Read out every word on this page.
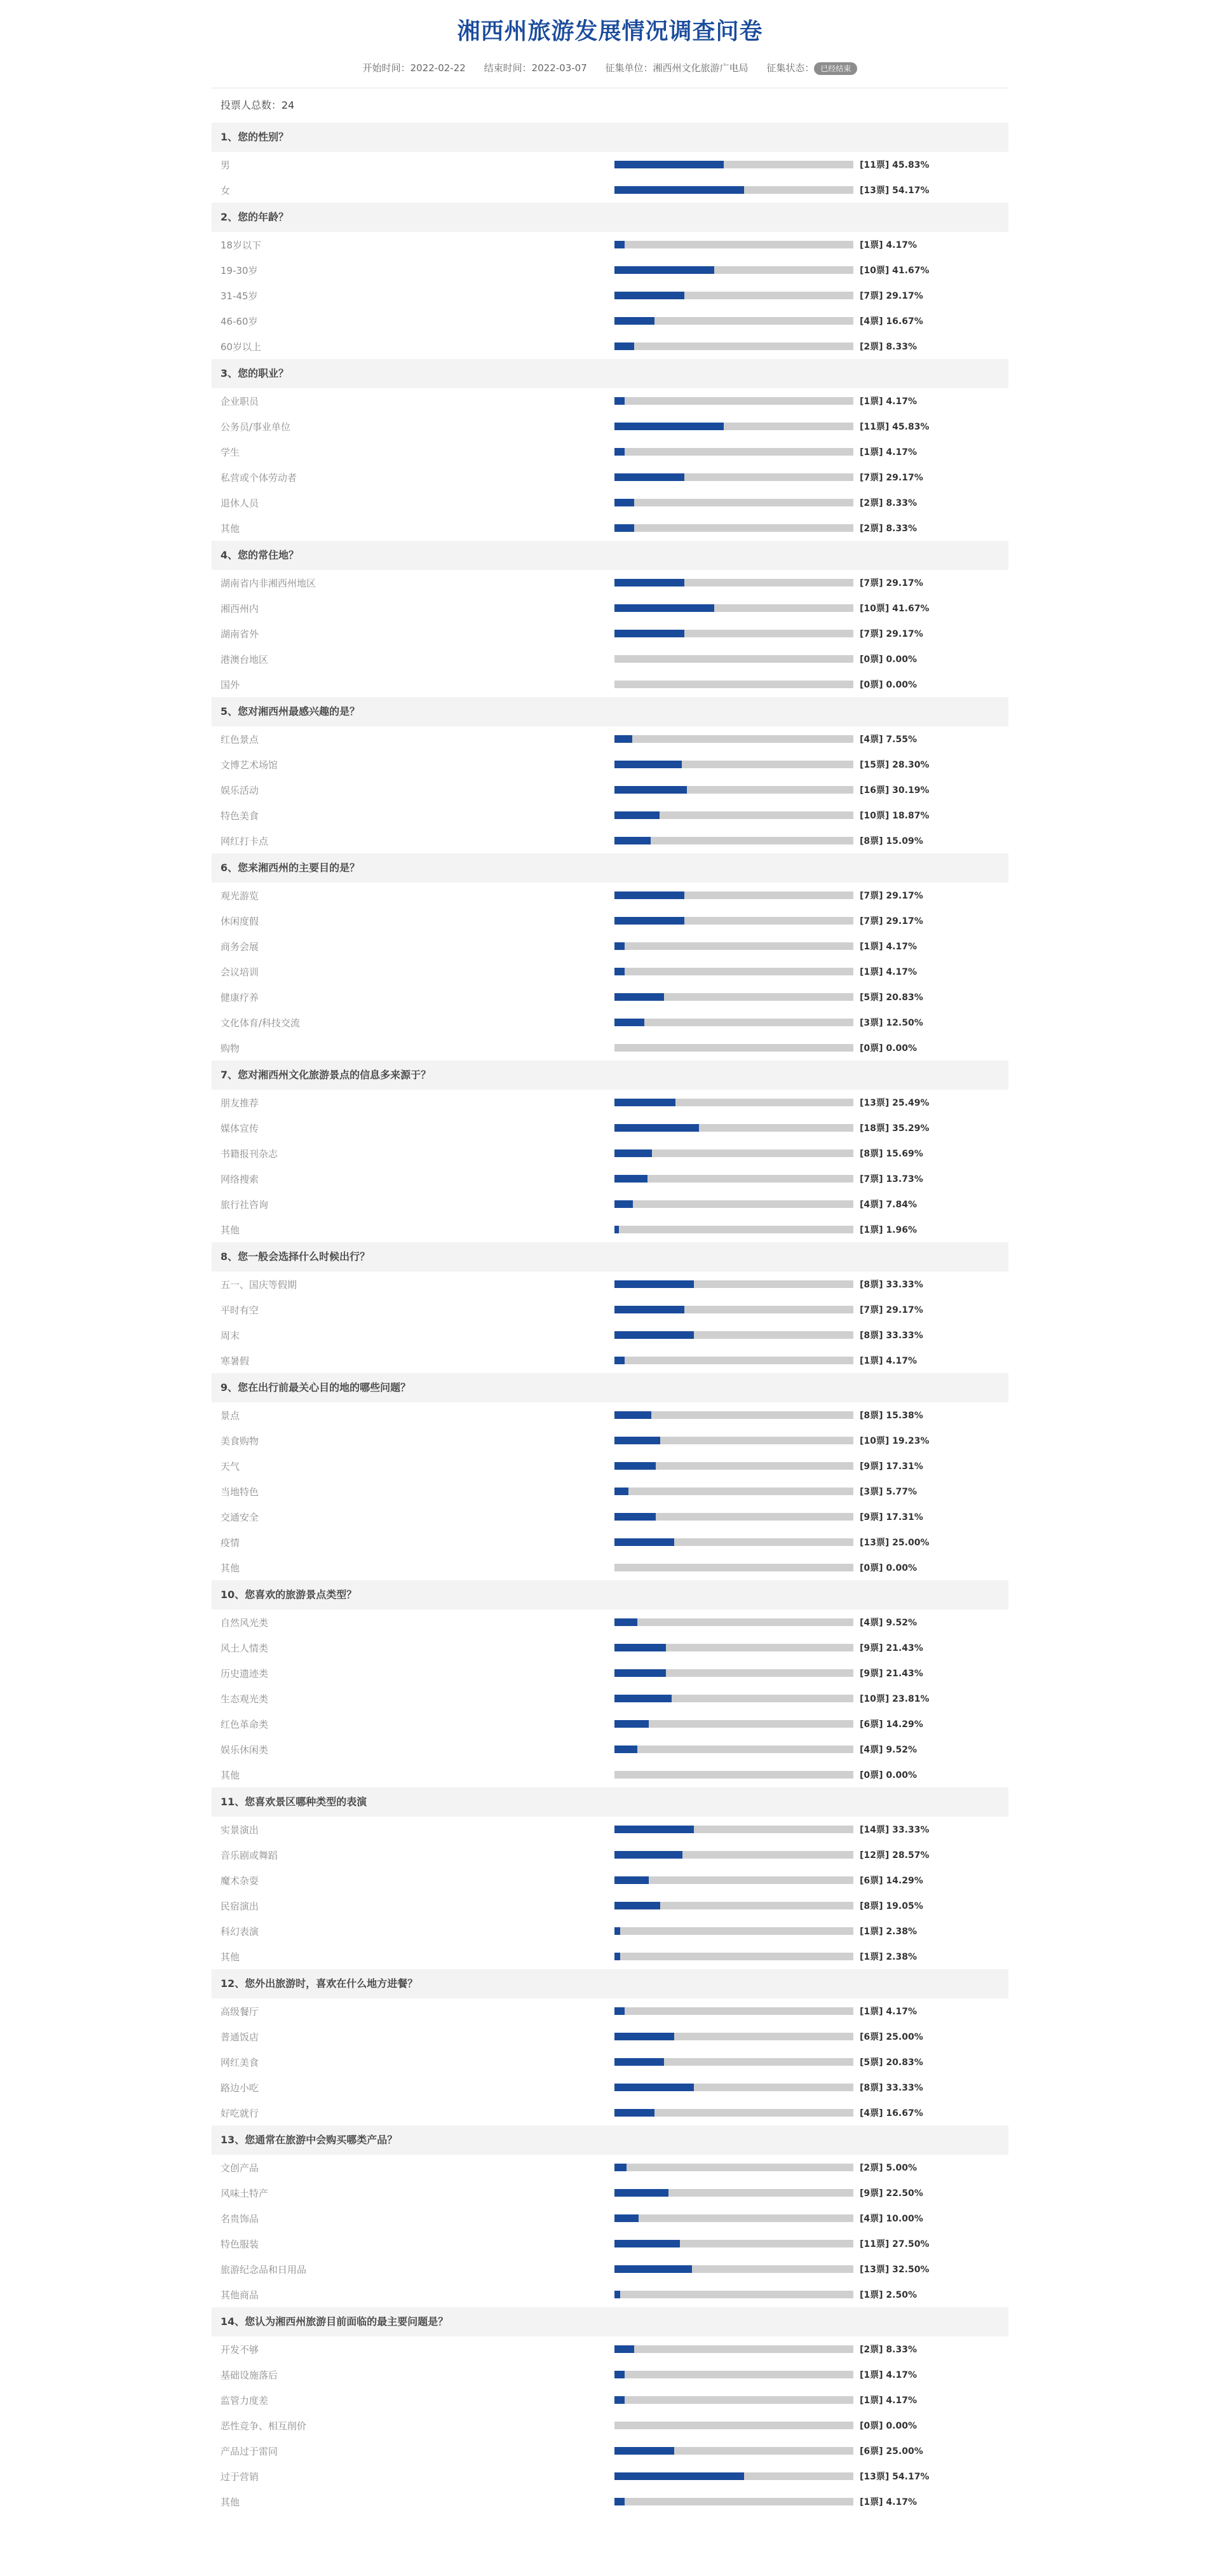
湘西州旅游发展情况调查问卷
开始时间：2022-02-22 结束时间：2022-03-07 征集单位：湘西州文化旅游广电局 征集状态： 已经结束
投票人总数：24
1、您的性别？
男	[11票] 45.83%
女	[13票] 54.17%
2、您的年龄？
18岁以下	[1票] 4.17%
19-30岁	[10票] 41.67%
31-45岁	[7票] 29.17%
46-60岁	[4票] 16.67%
60岁以上	[2票] 8.33%
3、您的职业？
企业职员	[1票] 4.17%
公务员/事业单位	[11票] 45.83%
学生	[1票] 4.17%
私营或个体劳动者	[7票] 29.17%
退休人员	[2票] 8.33%
其他	[2票] 8.33%
4、您的常住地？
湖南省内非湘西州地区	[7票] 29.17%
湘西州内	[10票] 41.67%
湖南省外	[7票] 29.17%
港澳台地区	[0票] 0.00%
国外	[0票] 0.00%
5、您对湘西州最感兴趣的是？
红色景点	[4票] 7.55%
文博艺术场馆	[15票] 28.30%
娱乐活动	[16票] 30.19%
特色美食	[10票] 18.87%
网红打卡点	[8票] 15.09%
6、您来湘西州的主要目的是？
观光游览	[7票] 29.17%
休闲度假	[7票] 29.17%
商务会展	[1票] 4.17%
会议培训	[1票] 4.17%
健康疗养	[5票] 20.83%
文化体育/科技交流	[3票] 12.50%
购物	[0票] 0.00%
7、您对湘西州文化旅游景点的信息多来源于？
朋友推荐	[13票] 25.49%
媒体宣传	[18票] 35.29%
书籍报刊杂志	[8票] 15.69%
网络搜索	[7票] 13.73%
旅行社咨询	[4票] 7.84%
其他	[1票] 1.96%
8、您一般会选择什么时候出行？
五一、国庆等假期	[8票] 33.33%
平时有空	[7票] 29.17%
周末	[8票] 33.33%
寒暑假	[1票] 4.17%
9、您在出行前最关心目的地的哪些问题？
景点	[8票] 15.38%
美食购物	[10票] 19.23%
天气	[9票] 17.31%
当地特色	[3票] 5.77%
交通安全	[9票] 17.31%
疫情	[13票] 25.00%
其他	[0票] 0.00%
10、您喜欢的旅游景点类型？
自然风光类	[4票] 9.52%
风土人情类	[9票] 21.43%
历史遗迹类	[9票] 21.43%
生态观光类	[10票] 23.81%
红色革命类	[6票] 14.29%
娱乐休闲类	[4票] 9.52%
其他	[0票] 0.00%
11、您喜欢景区哪种类型的表演
实景演出	[14票] 33.33%
音乐剧或舞蹈	[12票] 28.57%
魔术杂耍	[6票] 14.29%
民宿演出	[8票] 19.05%
科幻表演	[1票] 2.38%
其他	[1票] 2.38%
12、您外出旅游时，喜欢在什么地方进餐？
高级餐厅	[1票] 4.17%
普通饭店	[6票] 25.00%
网红美食	[5票] 20.83%
路边小吃	[8票] 33.33%
好吃就行	[4票] 16.67%
13、您通常在旅游中会购买哪类产品？
文创产品	[2票] 5.00%
风味土特产	[9票] 22.50%
名贵饰品	[4票] 10.00%
特色服装	[11票] 27.50%
旅游纪念品和日用品	[13票] 32.50%
其他商品	[1票] 2.50%
14、您认为湘西州旅游目前面临的最主要问题是？
开发不够	[2票] 8.33%
基础设施落后	[1票] 4.17%
监管力度差	[1票] 4.17%
恶性竞争、相互削价	[0票] 0.00%
产品过于雷同	[6票] 25.00%
过于营销	[13票] 54.17%
其他	[1票] 4.17%
